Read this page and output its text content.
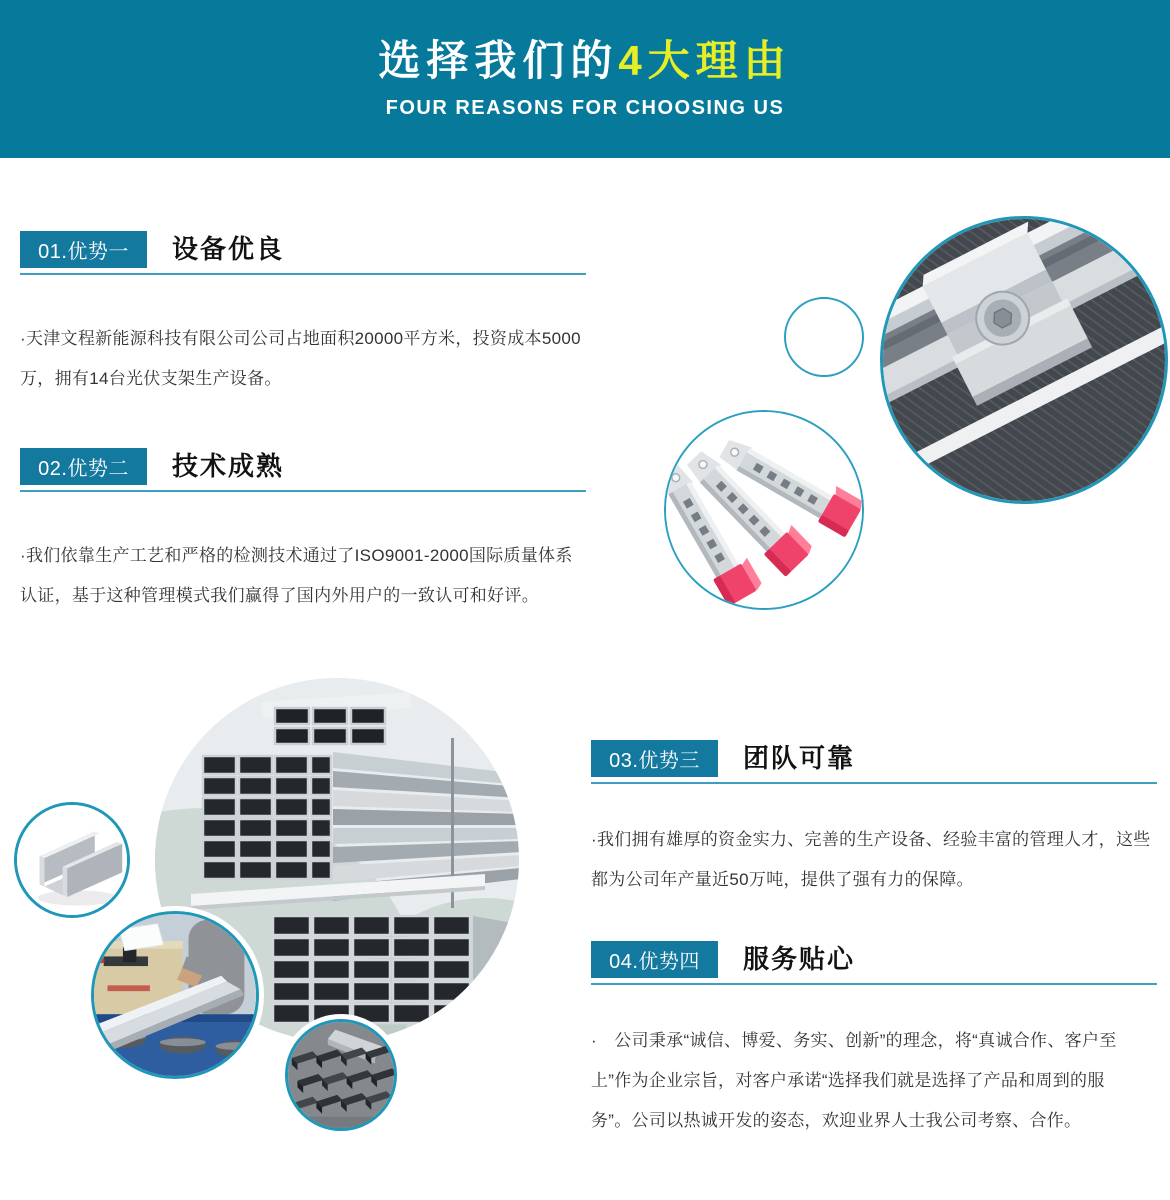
选择我们的4大理由
FOUR REASONS FOR CHOOSING US
01.优势一	设备优良
·天津文程新能源科技有限公司公司占地面积20000平方米，投资成本5000
万，拥有14台光伏支架生产设备。
02.优势二	技术成熟
·我们依靠生产工艺和严格的检测技术通过了ISO9001-2000国际质量体系
认证，基于这种管理模式我们赢得了国内外用户的一致认可和好评。
03.优势三	团队可靠
·我们拥有雄厚的资金实力、完善的生产设备、经验丰富的管理人才，这些
都为公司年产量近50万吨，提供了强有力的保障。
04.优势四	服务贴心
·　公司秉承“诚信、博爱、务实、创新”的理念，将“真诚合作、客户至
上”作为企业宗旨，对客户承诺“选择我们就是选择了产品和周到的服
务”。公司以热诚开发的姿态，欢迎业界人士我公司考察、合作。
